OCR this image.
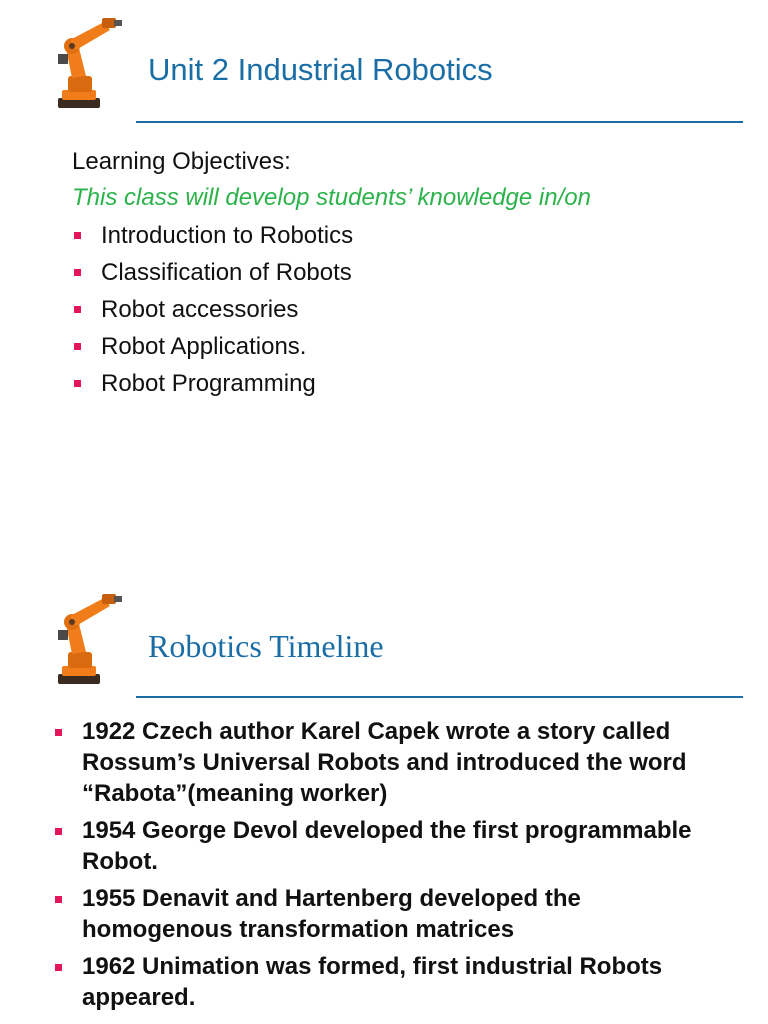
Unit 2 Industrial Robotics
Learning Objectives:
This class will develop students’ knowledge in/on
Introduction to Robotics
Classification of Robots
Robot accessories
Robot Applications.
Robot Programming
Robotics Timeline
1922 Czech author Karel Capek wrote a story called Rossum’s Universal Robots and introduced the word “Rabota”(meaning worker)
1954 George Devol developed the first programmable Robot.
1955 Denavit and Hartenberg developed the homogenous transformation matrices
1962 Unimation was formed, first industrial Robots appeared.
